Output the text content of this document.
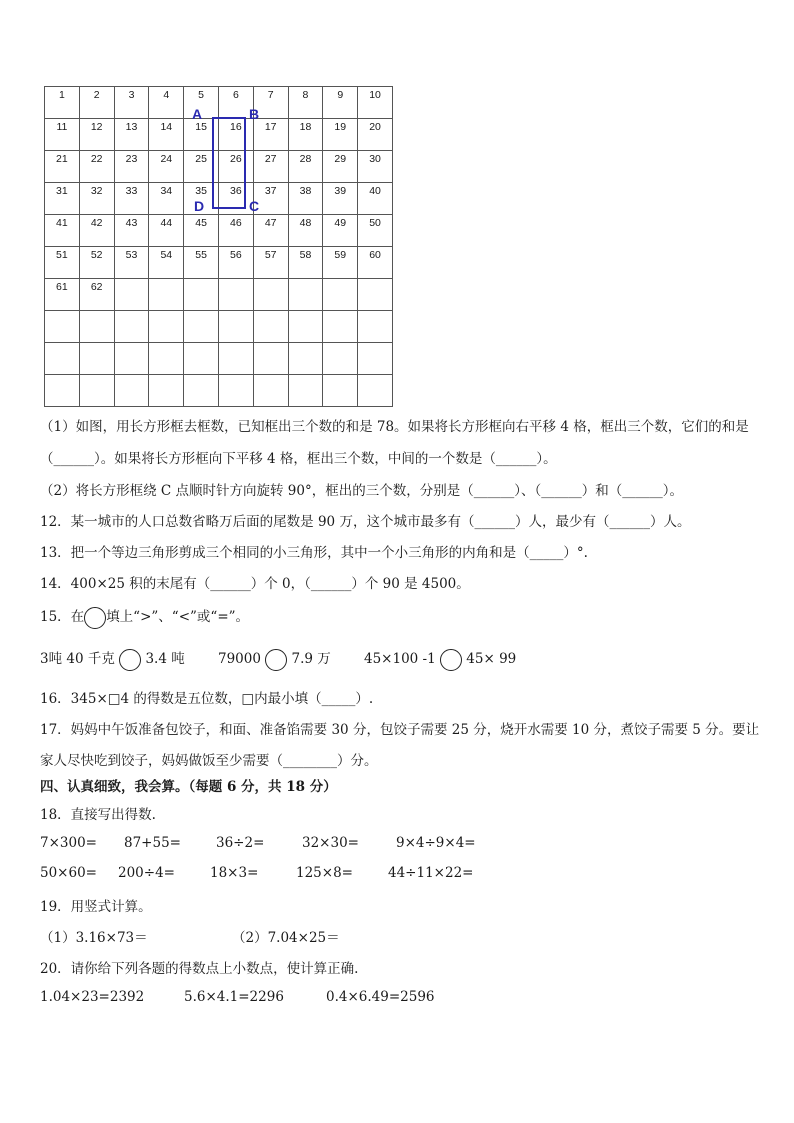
1	2	3	4	5	6	7	8	9	10
11	12	13	14	15	16	17	18	19	20
21	22	23	24	25	26	27	28	29	30
31	32	33	34	35	36	37	38	39	40
41	42	43	44	45	46	47	48	49	50
51	52	53	54	55	56	57	58	59	60
61	62								

A	B
C
D
（1）如图，用长方形框去框数，已知框出三个数的和是 78。如果将长方形框向右平移 4 格，框出三个数，它们的和是
（______）。如果将长方形框向下平移 4 格，框出三个数，中间的一个数是（______）。
（2）将长方形框绕 C 点顺时针方向旋转 90°，框出的三个数，分别是（______）、（______）和（______）。
12．某一城市的人口总数省略万后面的尾数是 90 万，这个城市最多有（______）人，最少有（______）人。
13．把一个等边三角形剪成三个相同的小三角形，其中一个小三角形的内角和是（_____）°.
14．400×25 积的末尾有（______）个 0，（______）个 90 是 4500。
15．在 填上“>”、“<”或“=”。
3吨 40 千克 3.4 吨 79000 7.9 万 45×100 -1 45× 99
16．345×□4 的得数是五位数，□内最小填（_____）.
17．妈妈中午饭准备包饺子，和面、准备馅需要 30 分，包饺子需要 25 分，烧开水需要 10 分，煮饺子需要 5 分。要让
家人尽快吃到饺子，妈妈做饭至少需要（________）分。
四、认真细致，我会算。（每题 6 分，共 18 分）
18．直接写出得数.
7×300= 87+55=	36÷2=	32×30=	9×4÷9×4=
50×60= 200÷4=	18×3=	125×8=	44÷11×22=
19．用竖式计算。
（1）3.16×73＝	（2）7.04×25＝
20．请你给下列各题的得数点上小数点，使计算正确.
1.04×23=2392	5.6×4.1=2296	0.4×6.49=2596
